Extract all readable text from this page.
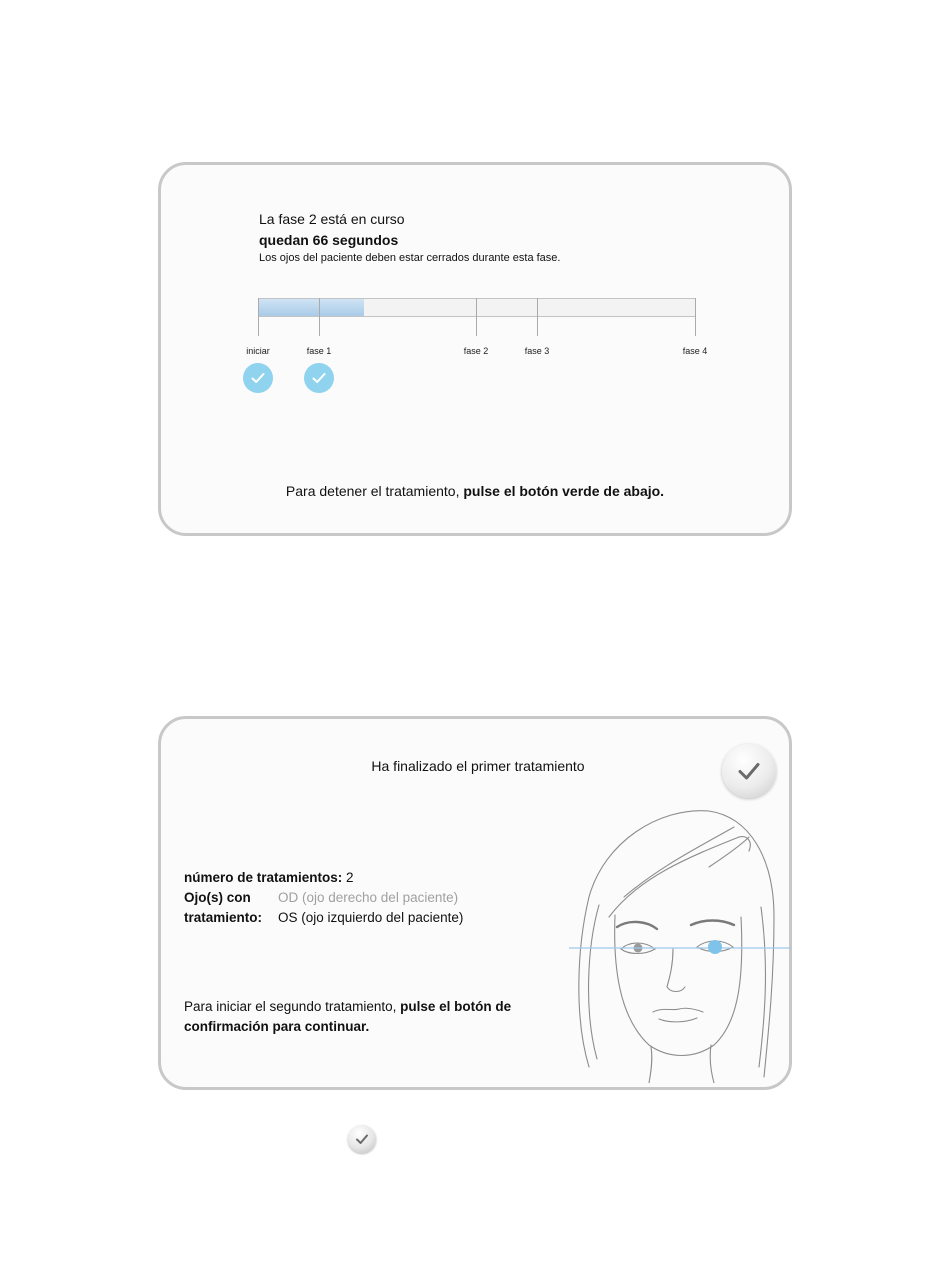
La fase 2 está en curso
quedan 66 segundos
Los ojos del paciente deben estar cerrados durante esta fase.
iniciar	fase 1	fase 2	fase 3	fase 4
Para detener el tratamiento, pulse el botón verde de abajo.
Ha finalizado el primer tratamiento
número de tratamientos: 2
Ojo(s) con OD (ojo derecho del paciente)
tratamiento: OS (ojo izquierdo del paciente)
Para iniciar el segundo tratamiento, pulse el botón de confirmación para continuar.
